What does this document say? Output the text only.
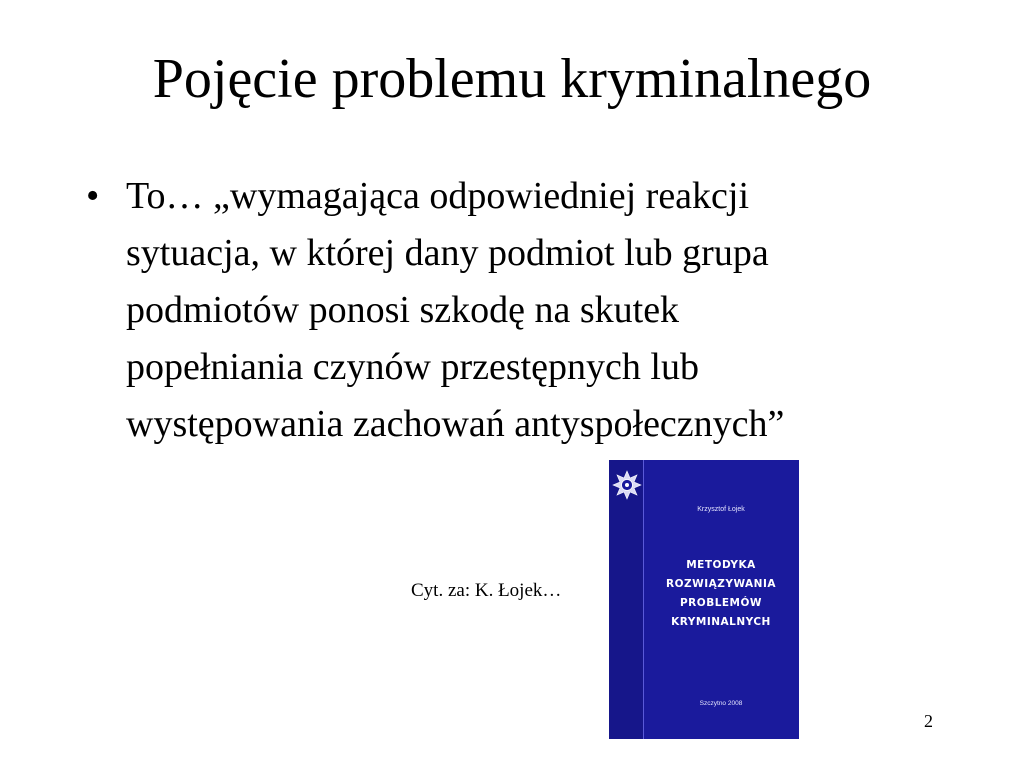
Pojęcie problemu kryminalnego
• To… „wymagająca odpowiedniej reakcji
sytuacja, w której dany podmiot lub grupa
podmiotów ponosi szkodę na skutek
popełniania czynów przestępnych lub
występowania zachowań antyspołecznych”
Cyt. za: K. Łojek…
Krzysztof Łojek
METODYKA
ROZWIĄZYWANIA
PROBLEMÓW
KRYMINALNYCH
Szczytno 2008
2
